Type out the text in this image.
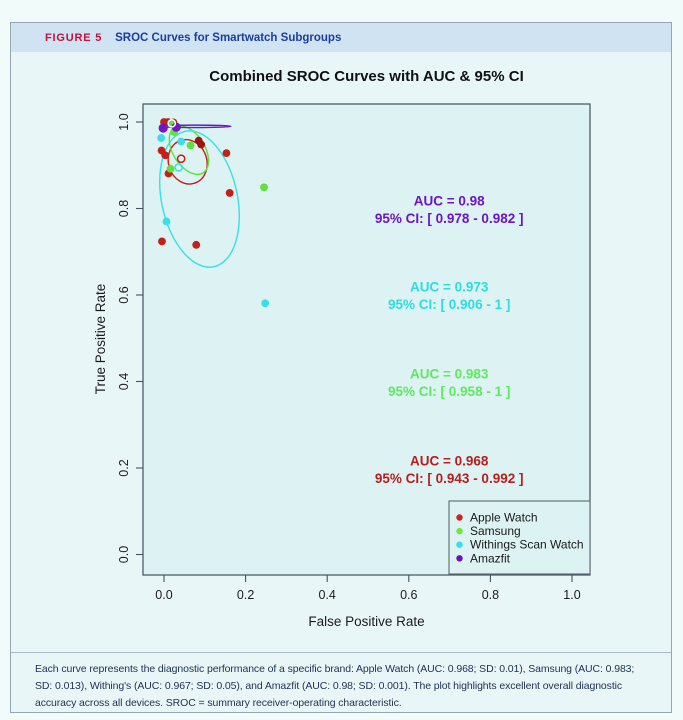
FIGURE 5 SROC Curves for Smartwatch Subgroups
Combined SROC Curves with AUC & 95% CI
0.0	0.2	0.4	0.6	0.8	1.0
0.0
0.2
0.4
0.6
0.8
1.0
False Positive Rate
True Positive Rate
AUC = 0.98
95% CI: [ 0.978 - 0.982 ]
AUC = 0.973
95% CI: [ 0.906 - 1 ]
AUC = 0.983
95% CI: [ 0.958 - 1 ]
AUC = 0.968
95% CI: [ 0.943 - 0.992 ]
Apple Watch
Samsung
Withings Scan Watch
Amazfit
Each curve represents the diagnostic performance of a specific brand: Apple Watch (AUC: 0.968; SD: 0.01), Samsung (AUC: 0.983; SD: 0.013), Withing's (AUC: 0.967; SD: 0.05), and Amazfit (AUC: 0.98; SD: 0.001). The plot highlights excellent overall diagnostic accuracy across all devices. SROC = summary receiver-operating characteristic.
